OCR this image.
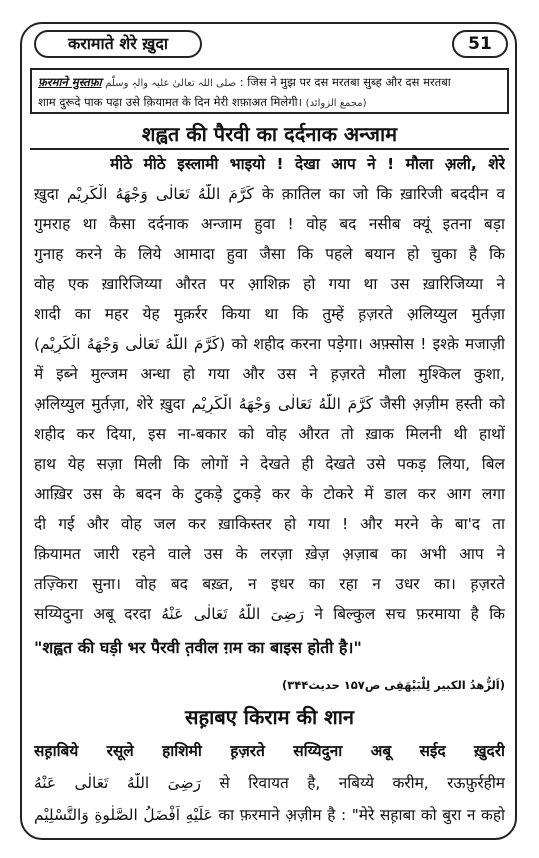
करामाते शेरे ख़ुदा	51
फ़रमाने मुस्तफ़ा صلی اللہ تعالیٰ علیہ والہٖ وسلّم : जिस ने मुझ पर दस मरतबा सुब्ह और दस मरतबा
शाम दुरूदे पाक पढ़ा उसे क़ियामत के दिन मेरी शफ़ाअत मिलेगी। (مجمع الزوائد)
शह्वत की पैरवी का दर्दनाक अन्जाम
मीठे मीठे इस्लामी भाइयो ! देखा आप ने ! मौला अ़ली, शेरे
ख़ुदा كَرَّمَ اللّٰهُ تَعَالٰی وَجْهَهُ الْكَرِيْم के क़ातिल का जो कि ख़ारिजी बददीन व
गुमराह था कैसा दर्दनाक अन्जाम हुवा ! वोह बद नसीब क्यूं इतना बड़ा
गुनाह करने के लिये आमादा हुवा जैसा कि पहले बयान हो चुका है कि
वोह एक ख़ारिजिय्या औरत पर आ़शिक़ हो गया था उस ख़ारिजिय्या ने
शादी का महर येह मुक़र्रर किया था कि तुम्हें ह़ज़रते अ़लिय्युल मुर्तज़ा
(كَرَّمَ اللّٰهُ تَعَالٰی وَجْهَهُ الْكَرِيْم) को शहीद करना पड़ेगा। अफ़्सोस ! इश्क़े मजाज़ी
में इब्ने मुल्जम अन्धा हो गया और उस ने ह़ज़रते मौला मुश्किल कुशा,
अ़लिय्युल मुर्तज़ा, शेरे ख़ुदा كَرَّمَ اللّٰهُ تَعَالٰی وَجْهَهُ الْكَرِيْم जैसी अ़ज़ीम हस्ती को
शहीद कर दिया, इस ना-बकार को वोह औरत तो ख़ाक मिलनी थी हाथों
हाथ येह सज़ा मिली कि लोगों ने देखते ही देखते उसे पकड़ लिया, बिल
आख़िर उस के बदन के टुकड़े टुकड़े कर के टोकरे में डाल कर आग लगा
दी गई और वोह जल कर ख़ाकिस्तर हो गया ! और मरने के बा'द ता
क़ियामत जारी रहने वाले उस के लरज़ा ख़ेज़ अ़ज़ाब का अभी आप ने
तज़्किरा सुना। वोह बद बख़्त, न इधर का रहा न उधर का। ह़ज़रते
सय्यिदुना अबू दरदा رَضِیَ اللّٰهُ تَعَالٰی عَنْهُ ने बिल्कुल सच फ़रमाया है कि
"शह्वत की घड़ी भर पैरवी त़वील ग़म का बाइस होती है।"
(اَلزُّھدُ الکبیر لِلْبَیْھَقِی ص۱۵۷ حدیث۳۴۴)
सह़ाबए किराम की शान
सह़ाबिये रसूले हाशिमी ह़ज़रते सय्यिदुना अबू सईद ख़ुदरी
رَضِیَ اللّٰهُ تَعَالٰی عَنْهُ से रिवायत है, नबिय्ये करीम, रऊफ़ुर्रहीम
عَلَیْهِ اَفْضَلُ الصَّلٰوةِ وَالتَّسْلِیْم का फ़रमाने अ़ज़ीम है : "मेरे सह़ाबा को बुरा न कहो
